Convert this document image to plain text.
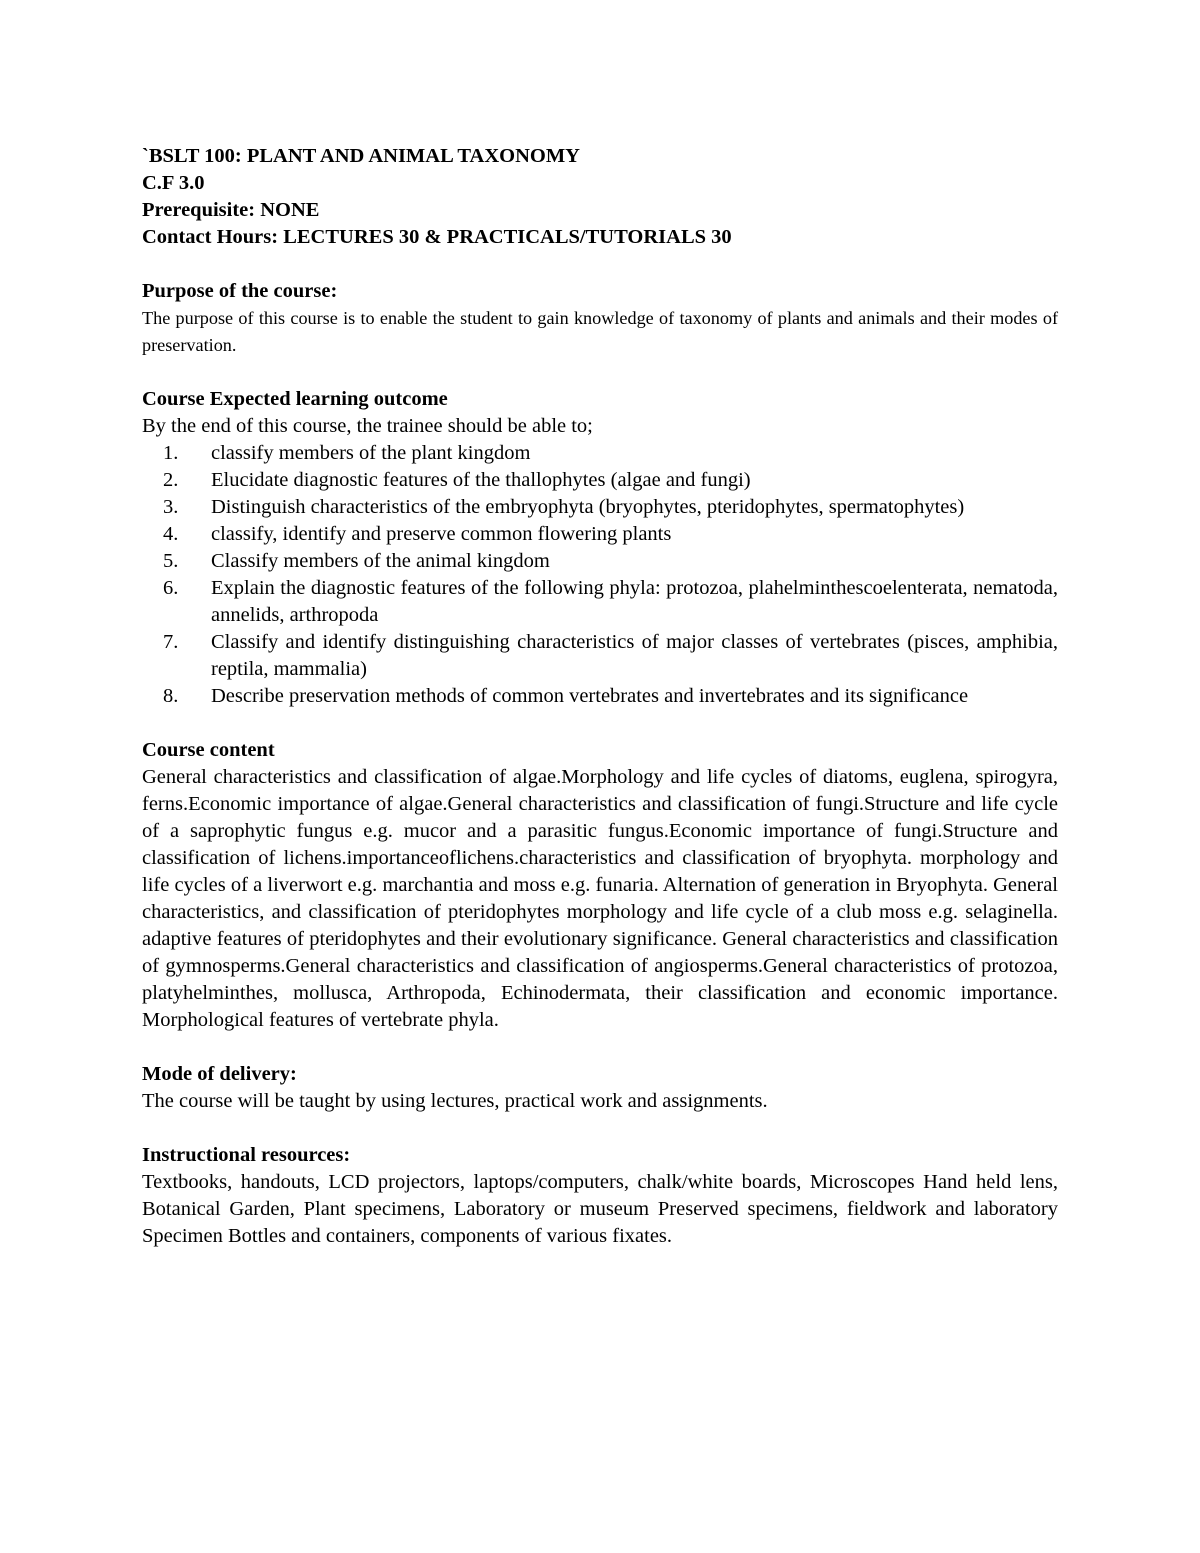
`BSLT 100: PLANT AND ANIMAL TAXONOMY
C.F 3.0
Prerequisite: NONE
Contact Hours: LECTURES 30 & PRACTICALS/TUTORIALS 30
Purpose of the course:
The purpose of this course is to enable the student to gain knowledge of taxonomy of plants and animals and their modes of preservation.
Course Expected learning outcome
By the end of this course, the trainee should be able to;
1. classify members of the plant kingdom
2. Elucidate diagnostic features of the thallophytes (algae and fungi)
3. Distinguish characteristics of the embryophyta (bryophytes, pteridophytes, spermatophytes)
4. classify, identify and preserve common flowering plants
5. Classify members of the animal kingdom
6. Explain the diagnostic features of the following phyla: protozoa, plahelminthescoelenterata, nematoda, annelids, arthropoda
7. Classify and identify distinguishing characteristics of major classes of vertebrates (pisces, amphibia, reptila, mammalia)
8. Describe preservation methods of common vertebrates and invertebrates and its significance
Course content
General characteristics and classification of algae.Morphology and life cycles of diatoms, euglena, spirogyra, ferns.Economic importance of algae.General characteristics and classification of fungi.Structure and life cycle of a saprophytic fungus e.g. mucor and a parasitic fungus.Economic importance of fungi.Structure and classification of lichens.importanceoflichens.characteristics and classification of bryophyta. morphology and life cycles of a liverwort e.g. marchantia and moss e.g. funaria. Alternation of generation in Bryophyta. General characteristics, and classification of pteridophytes morphology and life cycle of a club moss e.g. selaginella. adaptive features of pteridophytes and their evolutionary significance. General characteristics and classification of gymnosperms.General characteristics and classification of angiosperms.General characteristics of protozoa, platyhelminthes, mollusca, Arthropoda, Echinodermata, their classification and economic importance. Morphological features of vertebrate phyla.
Mode of delivery:
The course will be taught by using lectures, practical work and assignments.
Instructional resources:
Textbooks, handouts, LCD projectors, laptops/computers, chalk/white boards, Microscopes Hand held lens, Botanical Garden, Plant specimens, Laboratory or museum Preserved specimens, fieldwork and laboratory Specimen Bottles and containers, components of various fixates.
